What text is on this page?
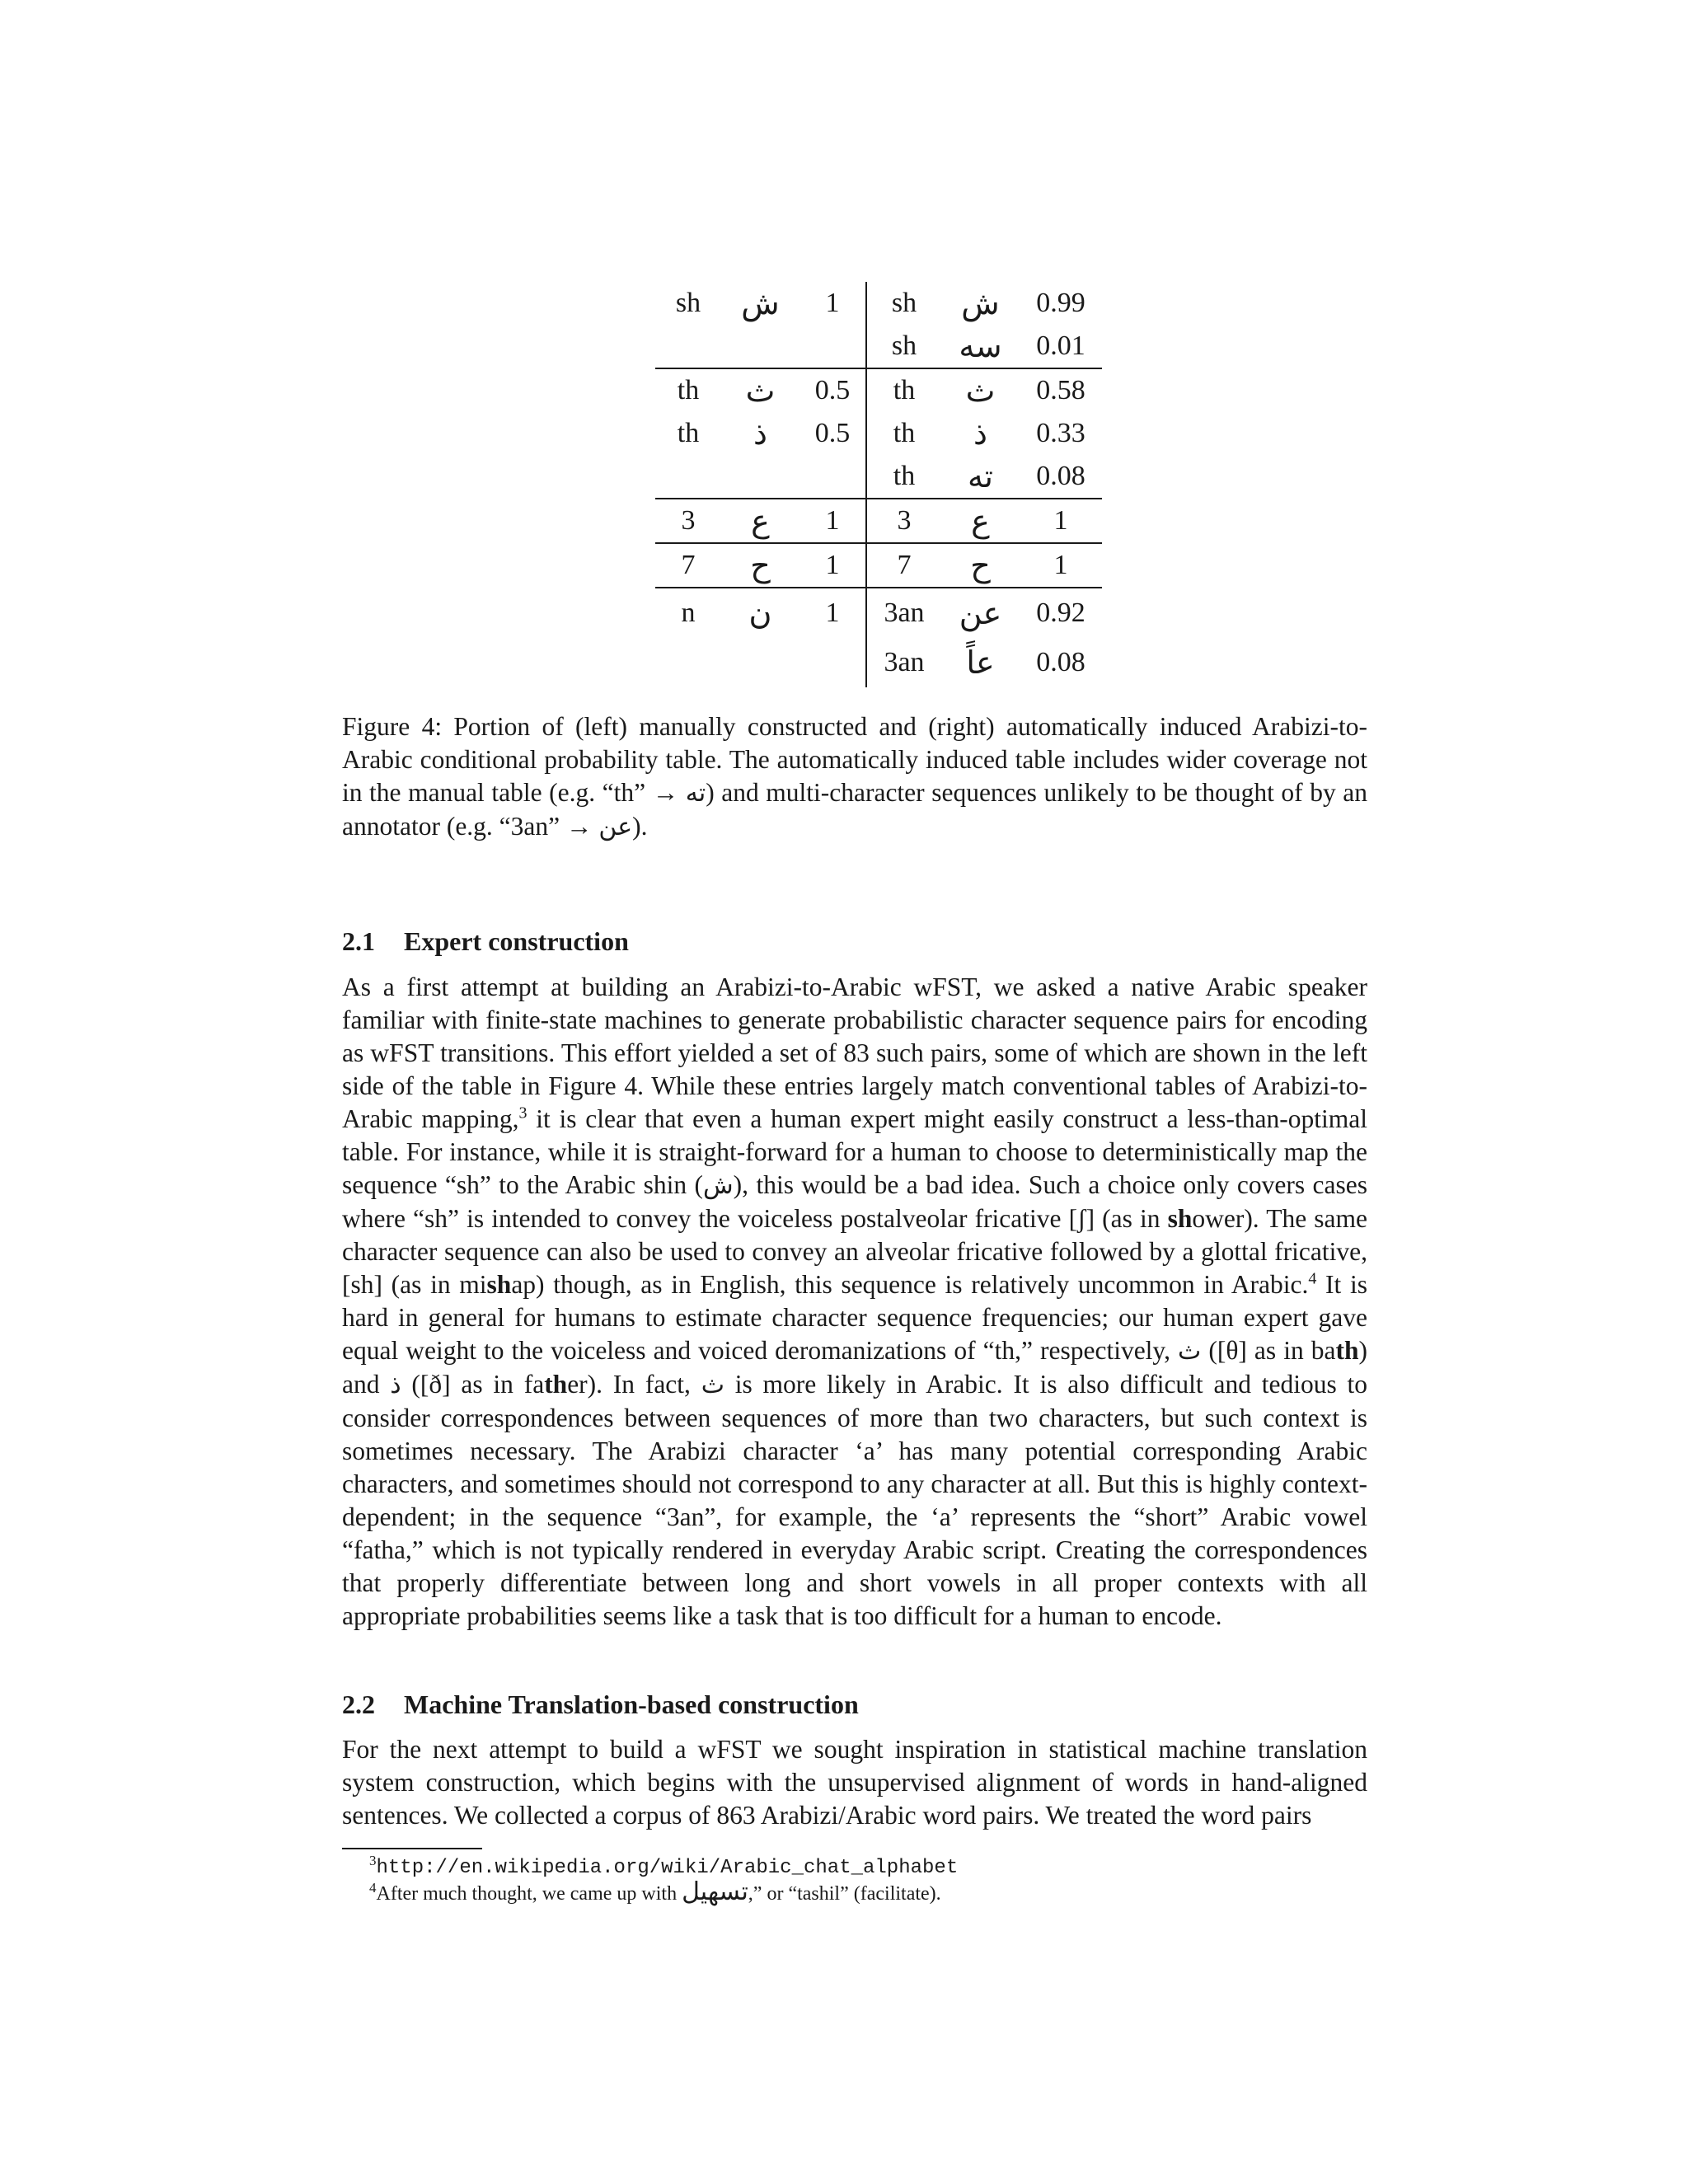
sh	ش	1	sh	ش	0.99
			sh	سه	0.01
th	ث	0.5	th	ث	0.58
th	ذ	0.5	th	ذ	0.33
			th	ته	0.08
3	ع	1	3	ع	1
7	ح	1	7	ح	1
n	ن	1	3an	عن	0.92
			3an	عاً	0.08
Figure 4: Portion of (left) manually constructed and (right) automatically induced Arabizi-to-Arabic conditional probability table. The automatically induced table includes wider coverage not in the manual table (e.g. “th” → ته) and multi-character sequences unlikely to be thought of by an annotator (e.g. “3an” → عن).
2.1 Expert construction
As a first attempt at building an Arabizi-to-Arabic wFST, we asked a native Arabic speaker familiar with finite-state machines to generate probabilistic character sequence pairs for encoding as wFST transitions. This effort yielded a set of 83 such pairs, some of which are shown in the left side of the table in Figure 4. While these entries largely match conventional tables of Arabizi-to-Arabic mapping,$^3$ it is clear that even a human expert might easily construct a less-than-optimal table. For instance, while it is straight-forward for a human to choose to deterministically map the sequence “sh” to the Arabic shin (ش), this would be a bad idea. Such a choice only covers cases where “sh” is intended to convey the voiceless postalveolar fricative [ʃ] (as in shower). The same character sequence can also be used to convey an alveolar fricative followed by a glottal fricative, [sh] (as in mishap) though, as in English, this sequence is relatively uncommon in Arabic.$^4$ It is hard in general for humans to estimate character sequence frequencies; our human expert gave equal weight to the voiceless and voiced deromanizations of “th,” respectively, ث ([θ] as in bath) and ذ ([ð] as in father). In fact, ث is more likely in Arabic. It is also difficult and tedious to consider correspondences between sequences of more than two characters, but such context is sometimes necessary. The Arabizi character ‘a’ has many potential corresponding Arabic characters, and sometimes should not correspond to any character at all. But this is highly context-dependent; in the sequence “3an”, for example, the ‘a’ represents the “short” Arabic vowel “fatha,” which is not typically rendered in everyday Arabic script. Creating the correspondences that properly differentiate between long and short vowels in all proper contexts with all appropriate probabilities seems like a task that is too difficult for a human to encode.
2.2 Machine Translation-based construction
For the next attempt to build a wFST we sought inspiration in statistical machine translation system construction, which begins with the unsupervised alignment of words in hand-aligned sentences. We collected a corpus of 863 Arabizi/Arabic word pairs. We treated the word pairs
$^3$http://en.wikipedia.org/wiki/Arabic_chat_alphabet
$^4$After much thought, we came up with تسهيل,” or “tashil” (facilitate).
